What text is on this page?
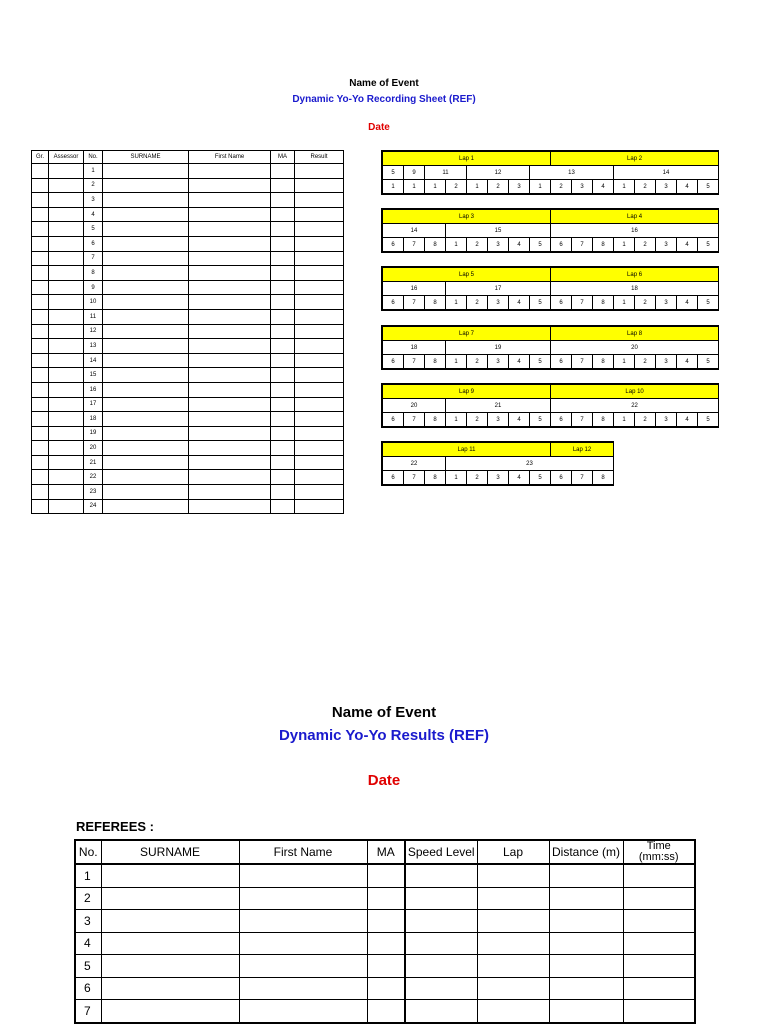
Name of Event
Dynamic Yo-Yo Recording Sheet (REF)
Date
Gr.	Assessor	No.	SURNAME	First Name	MA	Result
		1				
		2				
		3				
		4				
		5				
		6				
		7				
		8				
		9				
		10				
		11				
		12				
		13				
		14				
		15				
		16				
		17				
		18				
		19				
		20				
		21				
		22				
		23				
		24				
Lap 1								Lap 2							
5	9	11		12			13				14				
1	1	1	2	1	2	3	1	2	3	4	1	2	3	4	5
Lap 3								Lap 4							
14			15					16							
6	7	8	1	2	3	4	5	6	7	8	1	2	3	4	5
Lap 5								Lap 6							
16			17					18							
6	7	8	1	2	3	4	5	6	7	8	1	2	3	4	5
Lap 7								Lap 8							
18			19					20							
6	7	8	1	2	3	4	5	6	7	8	1	2	3	4	5
Lap 9								Lap 10							
20			21					22							
6	7	8	1	2	3	4	5	6	7	8	1	2	3	4	5
Lap 11								Lap 12		
22			23							
6	7	8	1	2	3	4	5	6	7	8
Name of Event
Dynamic Yo-Yo Results (REF)
Date
REFEREES :
No.	SURNAME	First Name	MA	Speed Level	Lap	Distance (m)	Time
(mm:ss)
1							
2							
3							
4							
5							
6							
7							
